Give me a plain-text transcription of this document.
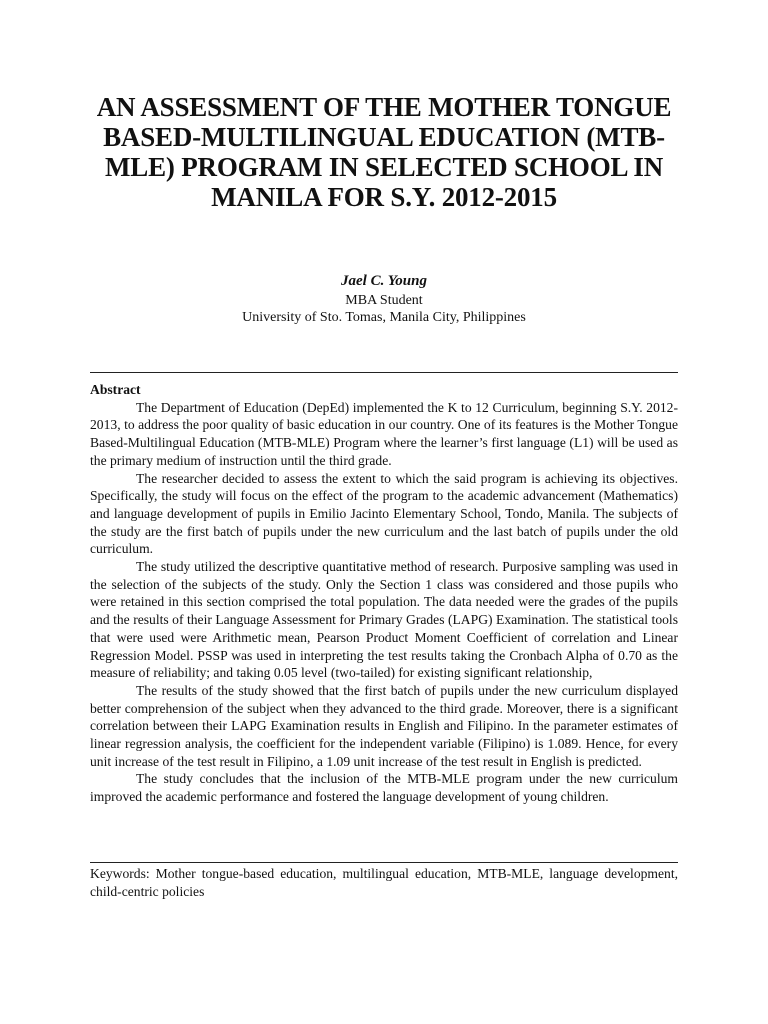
AN ASSESSMENT OF THE MOTHER TONGUE
BASED-MULTILINGUAL EDUCATION (MTB-
MLE) PROGRAM IN SELECTED SCHOOL IN
MANILA FOR S.Y. 2012-2015
Jael C. Young
MBA Student
University of Sto. Tomas, Manila City, Philippines
Abstract

The Department of Education (DepEd) implemented the K to 12 Curriculum, beginning S.Y. 2012-2013, to address the poor quality of basic education in our country. One of its features is the Mother Tongue Based-Multilingual Education (MTB-MLE) Program where the learner’s first language (L1) will be used as the primary medium of instruction until the third grade.

The researcher decided to assess the extent to which the said program is achieving its objectives. Specifically, the study will focus on the effect of the program to the academic advancement (Mathematics) and language development of pupils in Emilio Jacinto Elementary School, Tondo, Manila. The subjects of the study are the first batch of pupils under the new curriculum and the last batch of pupils under the old curriculum.

The study utilized the descriptive quantitative method of research. Purposive sampling was used in the selection of the subjects of the study. Only the Section 1 class was considered and those pupils who were retained in this section comprised the total population. The data needed were the grades of the pupils and the results of their Language Assessment for Primary Grades (LAPG) Examination. The statistical tools that were used were Arithmetic mean, Pearson Product Moment Coefficient of correlation and Linear Regression Model. PSSP was used in interpreting the test results taking the Cronbach Alpha of 0.70 as the measure of reliability; and taking 0.05 level (two-tailed) for existing significant relationship,

The results of the study showed that the first batch of pupils under the new curriculum displayed better comprehension of the subject when they advanced to the third grade. Moreover, there is a significant correlation between their LAPG Examination results in English and Filipino. In the parameter estimates of linear regression analysis, the coefficient for the independent variable (Filipino) is 1.089. Hence, for every unit increase of the test result in Filipino, a 1.09 unit increase of the test result in English is predicted.

The study concludes that the inclusion of the MTB-MLE program under the new curriculum improved the academic performance and fostered the language development of young children.

Keywords: Mother tongue-based education, multilingual education, MTB-MLE, language development, child-centric policies
